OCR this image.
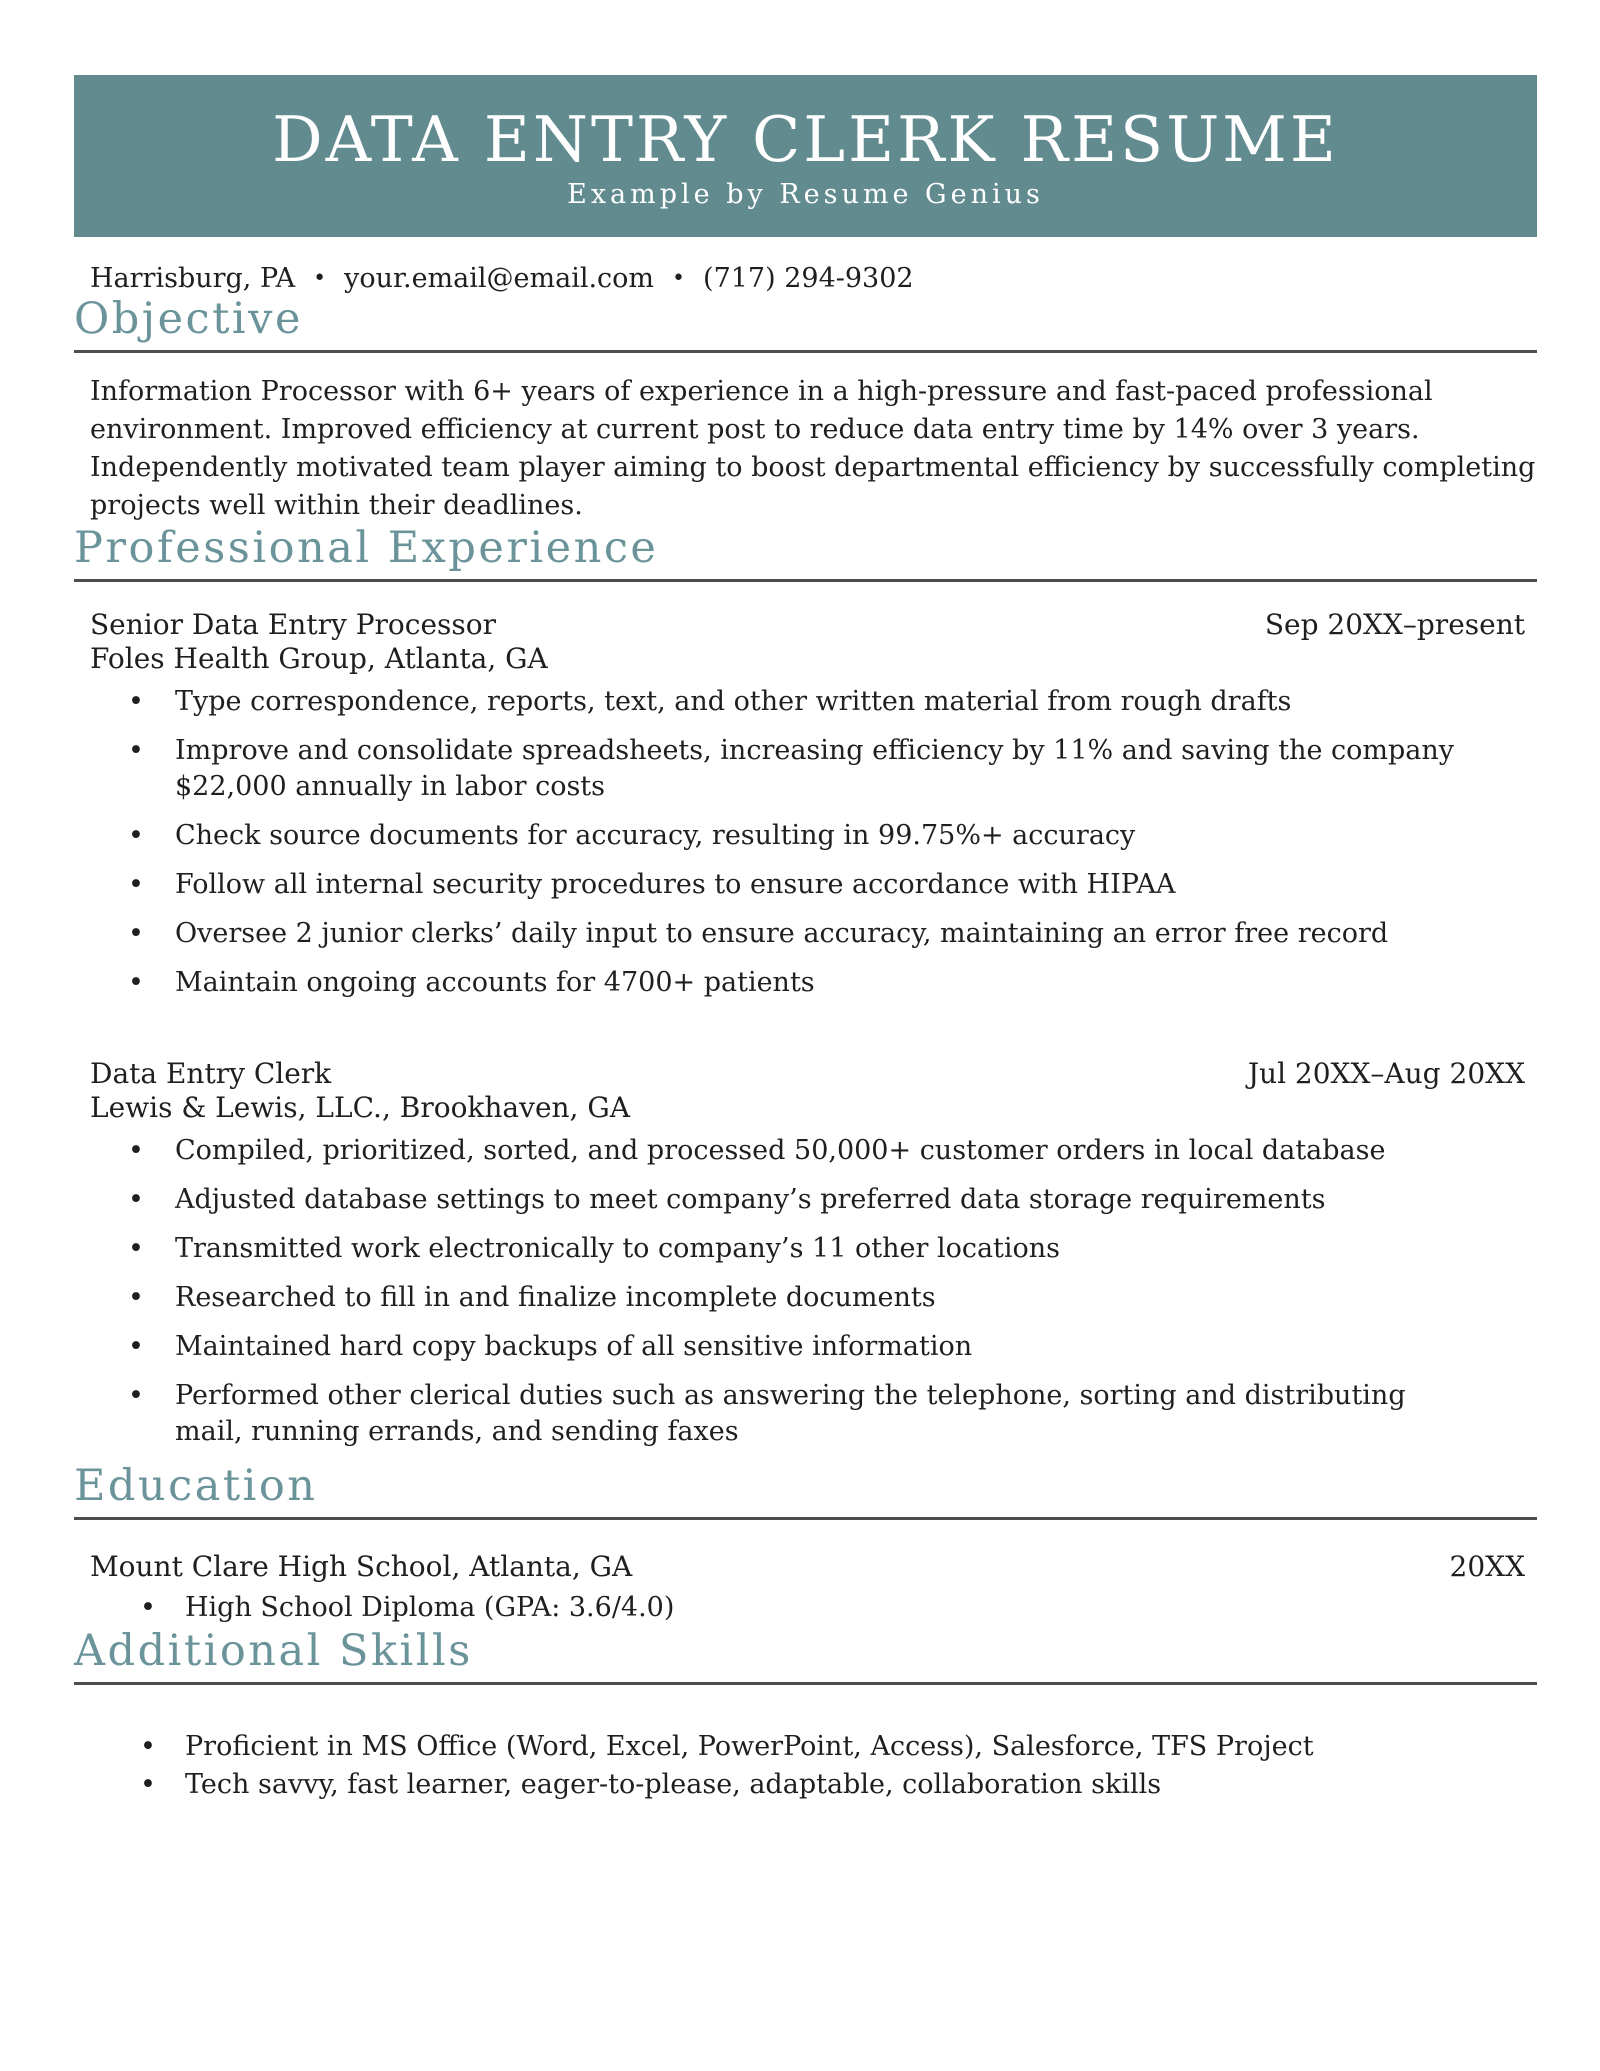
DATA ENTRY CLERK RESUME
Example by Resume Genius
Harrisburg, PA • your.email@email.com • (717) 294-9302
Objective

Information Processor with 6+ years of experience in a high-pressure and fast-paced professional environment. Improved efficiency at current post to reduce data entry time by 14% over 3 years. Independently motivated team player aiming to boost departmental efficiency by successfully completing projects well within their deadlines.

Professional Experience
Senior Data Entry Processor	Sep 20XX–present
Foles Health Group, Atlanta, GA
• Type correspondence, reports, text, and other written material from rough drafts
• Improve and consolidate spreadsheets, increasing efficiency by 11% and saving the company $22,000 annually in labor costs
• Check source documents for accuracy, resulting in 99.75%+ accuracy
• Follow all internal security procedures to ensure accordance with HIPAA
• Oversee 2 junior clerks’ daily input to ensure accuracy, maintaining an error free record
• Maintain ongoing accounts for 4700+ patients
Data Entry Clerk	Jul 20XX–Aug 20XX
Lewis & Lewis, LLC., Brookhaven, GA
• Compiled, prioritized, sorted, and processed 50,000+ customer orders in local database
• Adjusted database settings to meet company’s preferred data storage requirements
• Transmitted work electronically to company’s 11 other locations
• Researched to fill in and finalize incomplete documents
• Maintained hard copy backups of all sensitive information
• Performed other clerical duties such as answering the telephone, sorting and distributing mail, running errands, and sending faxes
Education
Mount Clare High School, Atlanta, GA	20XX
• High School Diploma (GPA: 3.6/4.0)
Additional Skills
• Proficient in MS Office (Word, Excel, PowerPoint, Access), Salesforce, TFS Project
• Tech savvy, fast learner, eager-to-please, adaptable, collaboration skills
